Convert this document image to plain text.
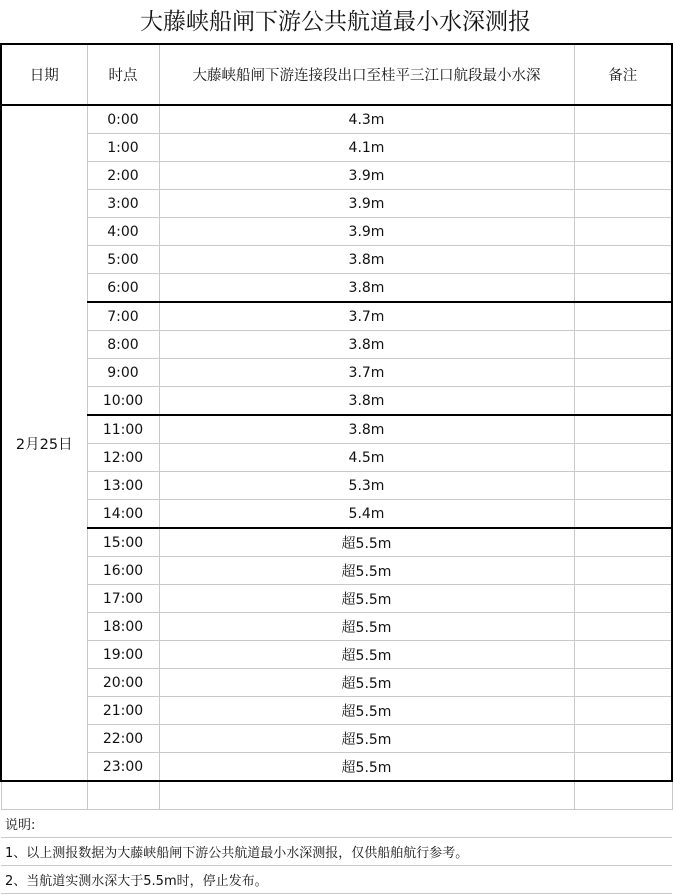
大藤峡船闸下游公共航道最小水深测报
日期	时点	大藤峡船闸下游连接段出口至桂平三江口航段最小水深	备注
2月25日	0:00	4.3m	
	1:00	4.1m	
	2:00	3.9m	
	3:00	3.9m	
	4:00	3.9m	
	5:00	3.8m	
	6:00	3.8m	
	7:00	3.7m	
	8:00	3.8m	
	9:00	3.7m	
	10:00	3.8m	
	11:00	3.8m	
	12:00	4.5m	
	13:00	5.3m	
	14:00	5.4m	
	15:00	超5.5m	
	16:00	超5.5m	
	17:00	超5.5m	
	18:00	超5.5m	
	19:00	超5.5m	
	20:00	超5.5m	
	21:00	超5.5m	
	22:00	超5.5m	
	23:00	超5.5m	

说明:			
1、以上测报数据为大藤峡船闸下游公共航道最小水深测报，仅供船舶航行参考。			
2、当航道实测水深大于5.5m时，停止发布。			
